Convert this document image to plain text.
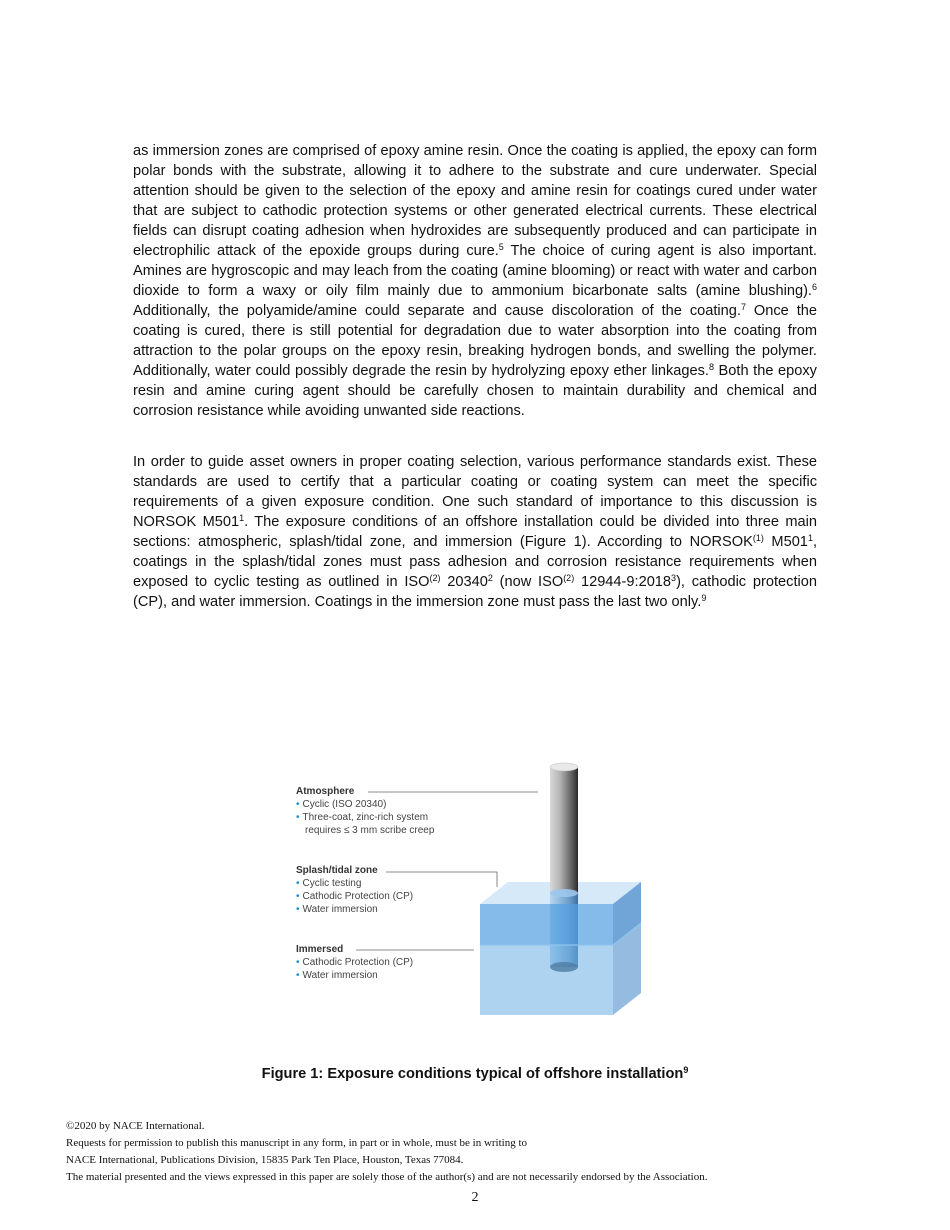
as immersion zones are comprised of epoxy amine resin. Once the coating is applied, the epoxy can form polar bonds with the substrate, allowing it to adhere to the substrate and cure underwater. Special attention should be given to the selection of the epoxy and amine resin for coatings cured under water that are subject to cathodic protection systems or other generated electrical currents. These electrical fields can disrupt coating adhesion when hydroxides are subsequently produced and can participate in electrophilic attack of the epoxide groups during cure.$^5$ The choice of curing agent is also important. Amines are hygroscopic and may leach from the coating (amine blooming) or react with water and carbon dioxide to form a waxy or oily film mainly due to ammonium bicarbonate salts (amine blushing).$^6$ Additionally, the polyamide/amine could separate and cause discoloration of the coating.$^7$ Once the coating is cured, there is still potential for degradation due to water absorption into the coating from attraction to the polar groups on the epoxy resin, breaking hydrogen bonds, and swelling the polymer. Additionally, water could possibly degrade the resin by hydrolyzing epoxy ether linkages.$^8$ Both the epoxy resin and amine curing agent should be carefully chosen to maintain durability and chemical and corrosion resistance while avoiding unwanted side reactions.
In order to guide asset owners in proper coating selection, various performance standards exist. These standards are used to certify that a particular coating or coating system can meet the specific requirements of a given exposure condition. One such standard of importance to this discussion is NORSOK $M501^1$. The exposure conditions of an offshore installation could be divided into three main sections: atmospheric, splash/tidal zone, and immersion (Figure 1). According to NORSOK$^{(1)}$ $M501^1$, coatings in the splash/tidal zones must pass adhesion and corrosion resistance requirements when exposed to cyclic testing as outlined in ISO$^{(2)}$ 20340$^2$ (now ISO$^{(2)}$ 12944-9:2018$^3$), cathodic protection (CP), and water immersion. Coatings in the immersion zone must pass the last two only.$^9$
Atmosphere
• Cyclic (ISO 20340)
• Three-coat, zinc-rich system
requires ≤ 3 mm scribe creep
Splash/tidal zone
• Cyclic testing
• Cathodic Protection (CP)
• Water immersion
Immersed
• Cathodic Protection (CP)
• Water immersion
Figure 1: Exposure conditions typical of offshore installation$^9$
©2020 by NACE International.
Requests for permission to publish this manuscript in any form, in part or in whole, must be in writing to
NACE International, Publications Division, 15835 Park Ten Place, Houston, Texas 77084.
The material presented and the views expressed in this paper are solely those of the author(s) and are not necessarily endorsed by the Association.
2
